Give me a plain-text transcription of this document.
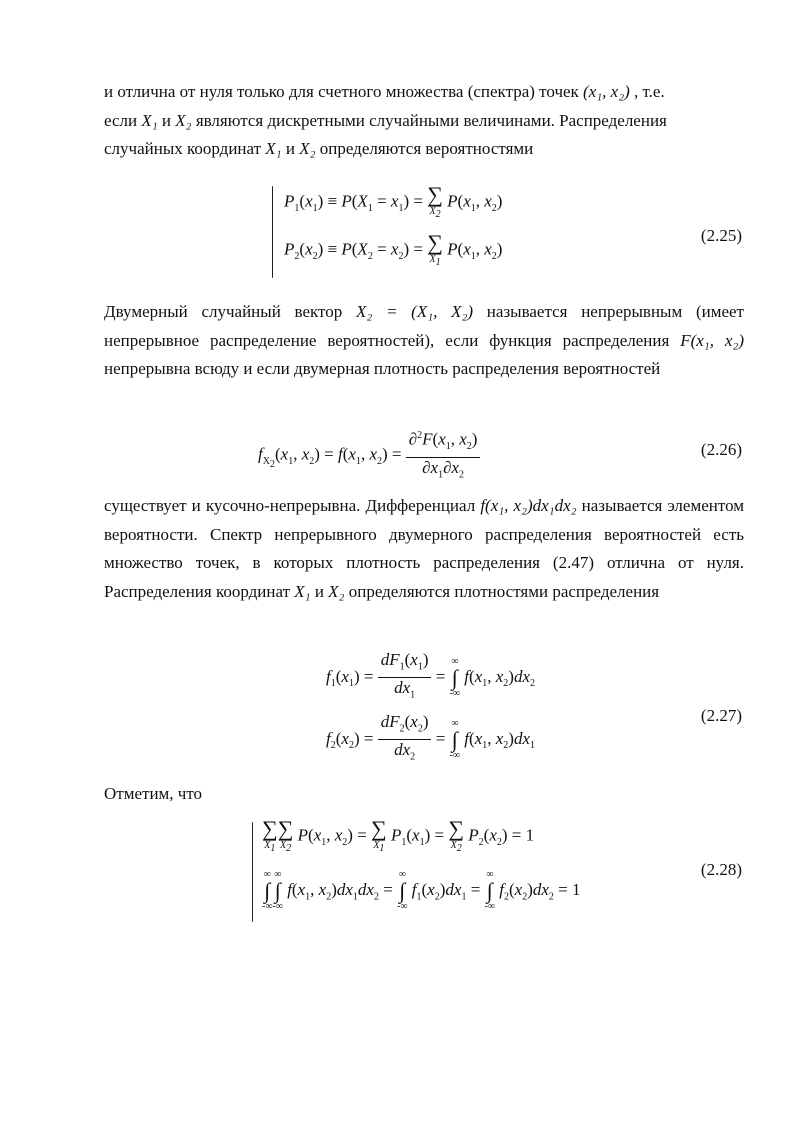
и отлична от нуля только для счетного множества (спектра) точек (x₁, x₂) , т.е.
если X₁ и X₂ являются дискретными случайными величинами. Распределения
случайных координат X₁ и X₂ определяются вероятностями
$P_1(x_1) \equiv P(X_1 = x_1)$ = ∑
$X_2$
$P(x_1$, $x_2$)
$P_2(x_2) \equiv P(X_2 = x_2)$ = ∑
$X_1$
$P(x_1$, $x_2$)
(2.25)
Двумерный случайный вектор X₂ = (X₁, X₂) называется непрерывным (имеет непрерывное распределение вероятностей), если функция распределения F(x₁, x₂) непрерывна всюду и если двумерная плотность распределения вероятностей
$f_{X_2}(x_1$, $x_2) = f(x_1$, $x_2) = \frac{\partial^2F(x_1, x_2)}{\partial x_1\partial x_2}$	(2.26)
существует и кусочно-непрерывна. Дифференциал f(x₁, x₂)dx₁dx₂ называется элементом вероятности. Спектр непрерывного двумерного распределения вероятностей есть множество точек, в которых плотность распределения (2.47) отлична от нуля. Распределения координат X₁ и X₂ определяются плотностями распределения
$f_1(x_1) = \frac{dF_1(x_1)}{dx_1}$ =
∞
∫
-∞
$f(x_1$, $x_2)dx_2$
$f_2(x_2) = \frac{dF_2(x_2)}{dx_2}$ =
∞
∫
-∞
$f(x_1$, $x_2)dx_1$
(2.27)
Отметим, что
∑
$X_1$
∑
$X_2$
$P(x_1$, $x_2$) = ∑
$X_1$
$P_1(x_1)$ = ∑
$X_2$
$P_2(x_2) = 1$
∞
∫
-∞
∞
∫
-∞
$f(x_1$, $x_2)dx_1dx_2$ =
∞
∫
-∞
$f_1(x_2)dx_1$ =
∞
∫
-∞
$f_2(x_2)dx_2 = 1$
(2.28)
